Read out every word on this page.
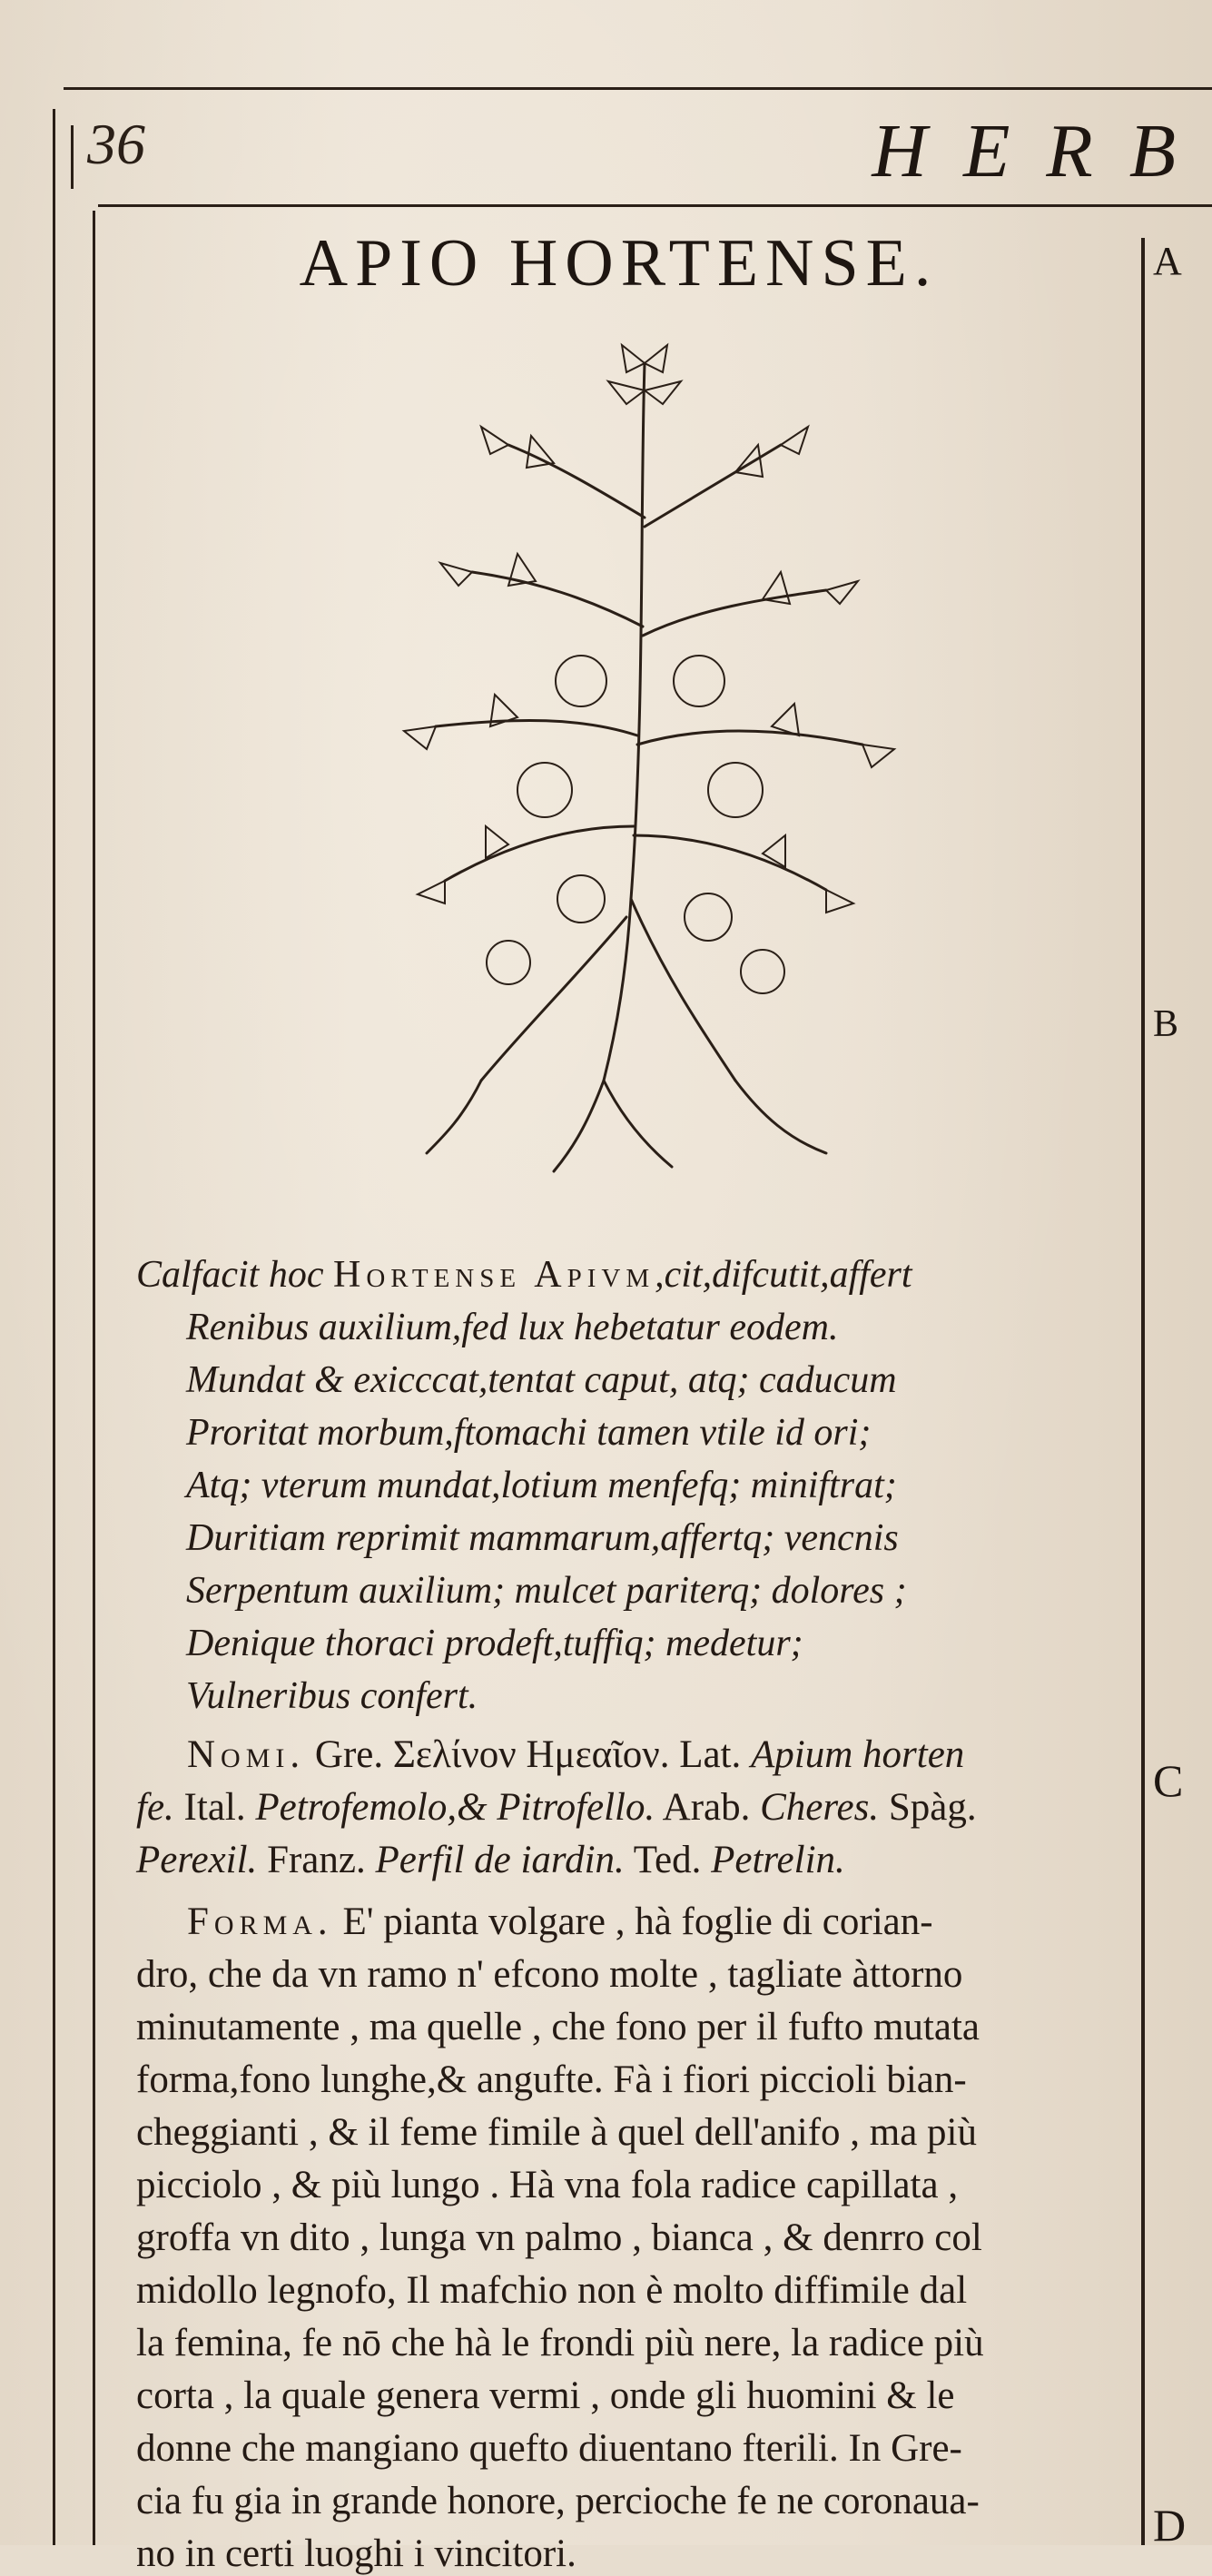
36	HERB
APIO HORTENSE.	A
B
C
D
Calfacit hoc Hortense Apivm,cit,difcutit,affert
Renibus auxilium,fed lux hebetatur eodem.
Mundat & exicccat,tentat caput, atq; caducum
Proritat morbum,ftomachi tamen vtile id ori;
Atq; vterum mundat,lotium menfefq; miniftrat;
Duritiam reprimit mammarum,affertq; vencnis
Serpentum auxilium; mulcet pariterq; dolores ;
Denique thoraci prodeft,tuffiq; medetur;
Vulneribus confert.
Nomi. Gre. Σελίνον Ημεαῖον. Lat. Apium horten
fe. Ital. Petrofemolo,& Pitrofello. Arab. Cheres. Spàg.
Perexil. Franz. Perfil de iardin. Ted. Petrelin.
Forma. E' pianta volgare , hà foglie di corian-
dro, che da vn ramo n' efcono molte , tagliate àttorno
minutamente , ma quelle , che fono per il fufto mutata
forma,fono lunghe,& angufte. Fà i fiori piccioli bian-
cheggianti , & il feme fimile à quel dell'anifo , ma più
picciolo , & più lungo . Hà vna fola radice capillata ,
groffa vn dito , lunga vn palmo , bianca , & denrro col
midollo legnofo, Il mafchio non è molto diffimile dal
la femina, fe nō che hà le frondi più nere, la radice più
corta , la quale genera vermi , onde gli huomini & le
donne che mangiano quefto diuentano fterili. In Gre-
cia fu gia in grande honore, percioche fe ne coronaua-
no in certi luoghi i vincitori.
